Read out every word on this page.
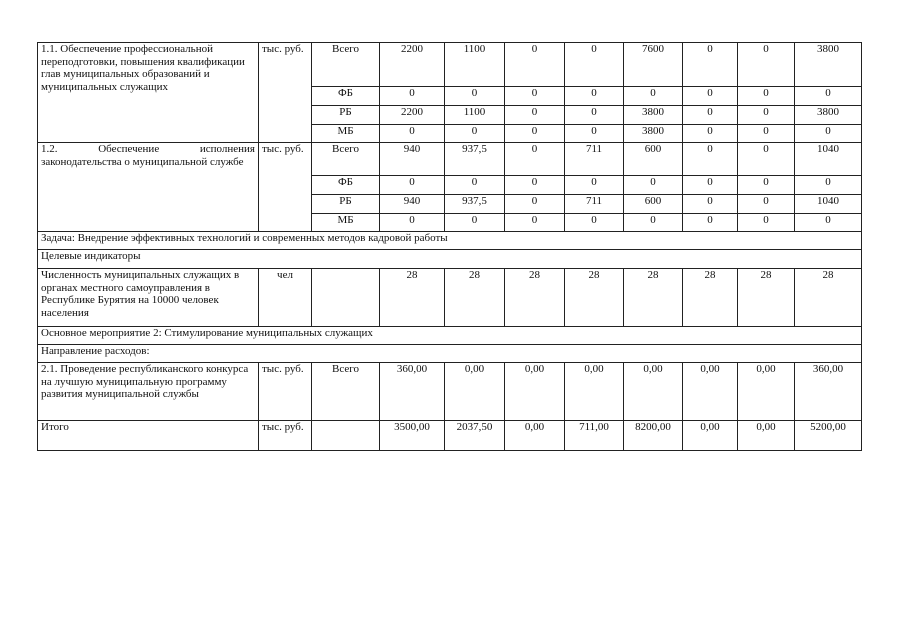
1.1. Обеспечение профессиональной переподготовки, повышения квалификации глав муниципальных образований и муниципальных служащих	тыс. руб.	Всего	2200	1100	0	0	7600	0	0	3800
		ФБ	0	0	0	0	0	0	0	0
		РБ	2200	1100	0	0	3800	0	0	3800
		МБ	0	0	0	0	3800	0	0	0
1.2. Обеспечение исполнения законодательства о муниципальной службе	тыс. руб.	Всего	940	937,5	0	711	600	0	0	1040
		ФБ	0	0	0	0	0	0	0	0
		РБ	940	937,5	0	711	600	0	0	1040
		МБ	0	0	0	0	0	0	0	0
Задача: Внедрение эффективных технологий и современных методов кадровой работы										
Целевые индикаторы										
Численность муниципальных служащих в органах местного самоуправления в Республике Бурятия на 10000 человек населения	чел		28	28	28	28	28	28	28	28
Основное мероприятие 2: Стимулирование муниципальных служащих										
Направление расходов:										
2.1. Проведение республиканского конкурса на лучшую муниципальную программу развития муниципальной службы	тыс. руб.	Всего	360,00	0,00	0,00	0,00	0,00	0,00	0,00	360,00
Итого	тыс. руб.		3500,00	2037,50	0,00	711,00	8200,00	0,00	0,00	5200,00
